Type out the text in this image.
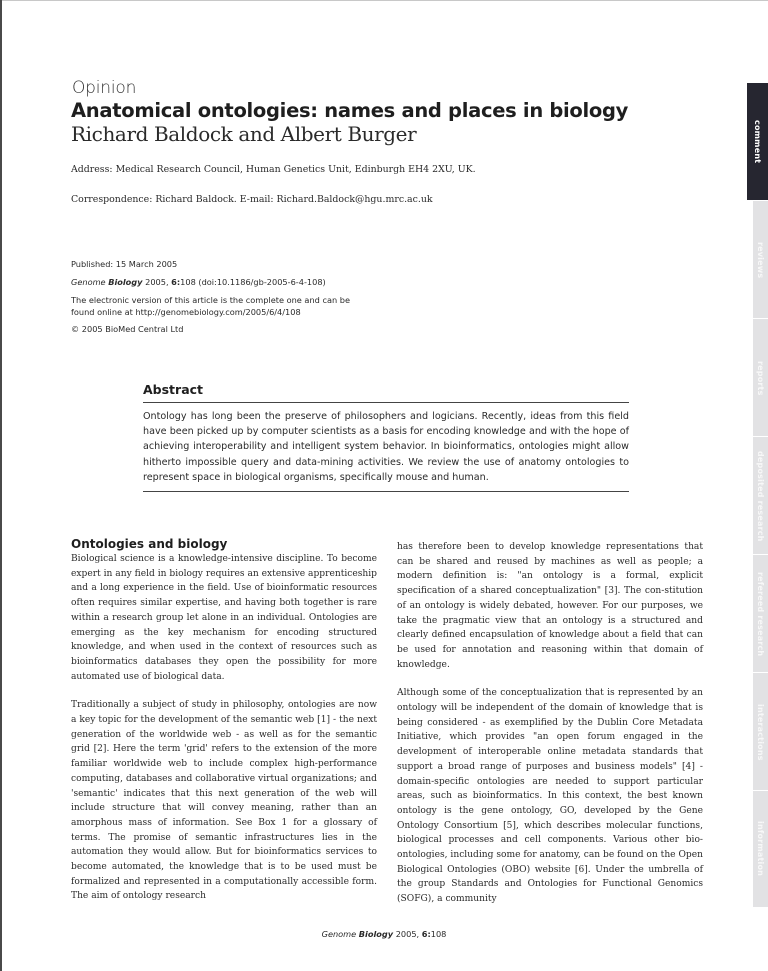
Opinion
Anatomical ontologies: names and places in biology
Richard Baldock and Albert Burger
Address: Medical Research Council, Human Genetics Unit, Edinburgh EH4 2XU, UK.
Correspondence: Richard Baldock. E-mail: Richard.Baldock@hgu.mrc.ac.uk
Published: 15 March 2005
Genome Biology 2005, 6:108 (doi:10.1186/gb-2005-6-4-108)
The electronic version of this article is the complete one and can be
found online at http://genomebiology.com/2005/6/4/108
© 2005 BioMed Central Ltd
Abstract
Ontology has long been the preserve of philosophers and logicians. Recently, ideas from this field have been picked up by computer scientists as a basis for encoding knowledge and with the hope of achieving interoperability and intelligent system behavior. In bioinformatics, ontologies might allow hitherto impossible query and data-mining activities. We review the use of anatomy ontologies to represent space in biological organisms, specifically mouse and human.
Ontologies and biology

Biological science is a knowledge-intensive discipline. To become expert in any field in biology requires an extensive apprenticeship and a long experience in the field. Use of bioinformatic resources often requires similar expertise, and having both together is rare within a research group let alone in an individual. Ontologies are emerging as the key mechanism for encoding structured knowledge, and when used in the context of resources such as bioinformatics databases they open the possibility for more automated use of biological data.

Traditionally a subject of study in philosophy, ontologies are now a key topic for the development of the semantic web [1] - the next generation of the worldwide web - as well as for the semantic grid [2]. Here the term 'grid' refers to the extension of the more familiar worldwide web to include complex high-performance computing, databases and collaborative virtual organizations; and 'semantic' indicates that this next generation of the web will include structure that will convey meaning, rather than an amorphous mass of information. See Box 1 for a glossary of terms. The promise of semantic infrastructures lies in the automation they would allow. But for bioinformatics services to become automated, the knowledge that is to be used must be formalized and represented in a computationally accessible form. The aim of ontology research

has therefore been to develop knowledge representations that can be shared and reused by machines as well as people; a modern definition is: "an ontology is a formal, explicit specification of a shared conceptualization" [3]. The con-stitution of an ontology is widely debated, however. For our purposes, we take the pragmatic view that an ontology is a structured and clearly defined encapsulation of knowledge about a field that can be used for annotation and reasoning within that domain of knowledge.

Although some of the conceptualization that is represented by an ontology will be independent of the domain of knowledge that is being considered - as exemplified by the Dublin Core Metadata Initiative, which provides "an open forum engaged in the development of interoperable online metadata standards that support a broad range of purposes and business models" [4] - domain-specific ontologies are needed to support particular areas, such as bioinformatics. In this context, the best known ontology is the gene ontology, GO, developed by the Gene Ontology Consortium [5], which describes molecular functions, biological processes and cell components. Various other bio-ontologies, including some for anatomy, can be found on the Open Biological Ontologies (OBO) website [6]. Under the umbrella of the group Standards and Ontologies for Functional Genomics (SOFG), a community

Genome Biology 2005, 6:108
comment
reviews
reports
deposited research
refereed research
interactions
information
